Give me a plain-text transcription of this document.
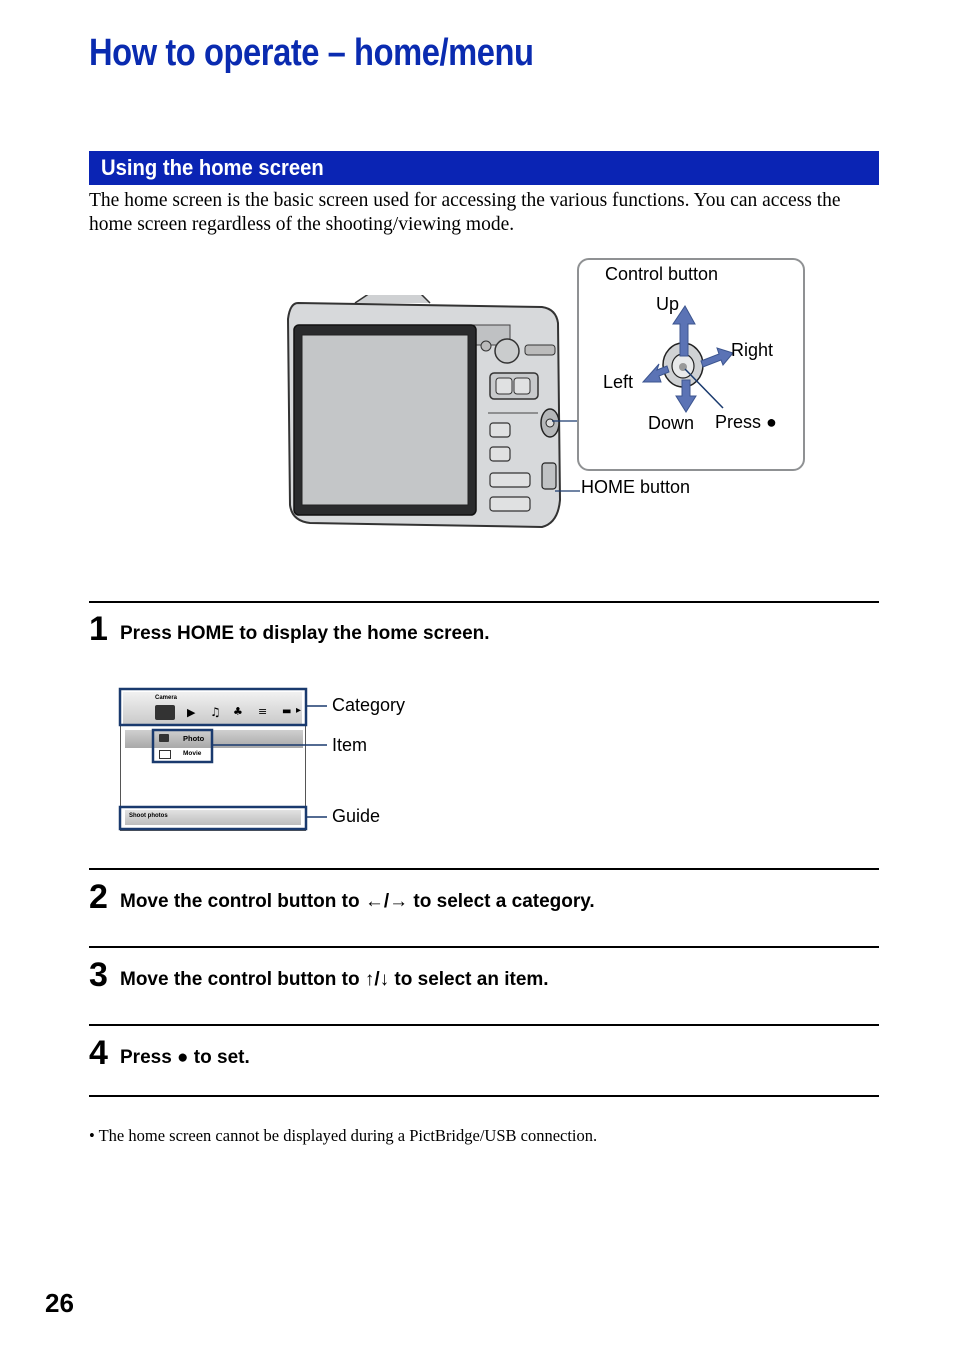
How to operate – home/menu
Using the home screen

The home screen is the basic screen used for accessing the various functions. You can access the home screen regardless of the shooting/viewing mode.

Control button
Up
Right
Left
Down Press ●
HOME button
1 Press HOME to display the home screen.
Camera
▶ ♫ ♣ ≡ ▬ ▸
Photo
Movie
Shoot photos
Category
Item
Guide
2 Move the control button to ←/→ to select a category.
3 Move the control button to ↑/↓ to select an item.
4 Press ● to set.
• The home screen cannot be displayed during a PictBridge/USB connection.
26
